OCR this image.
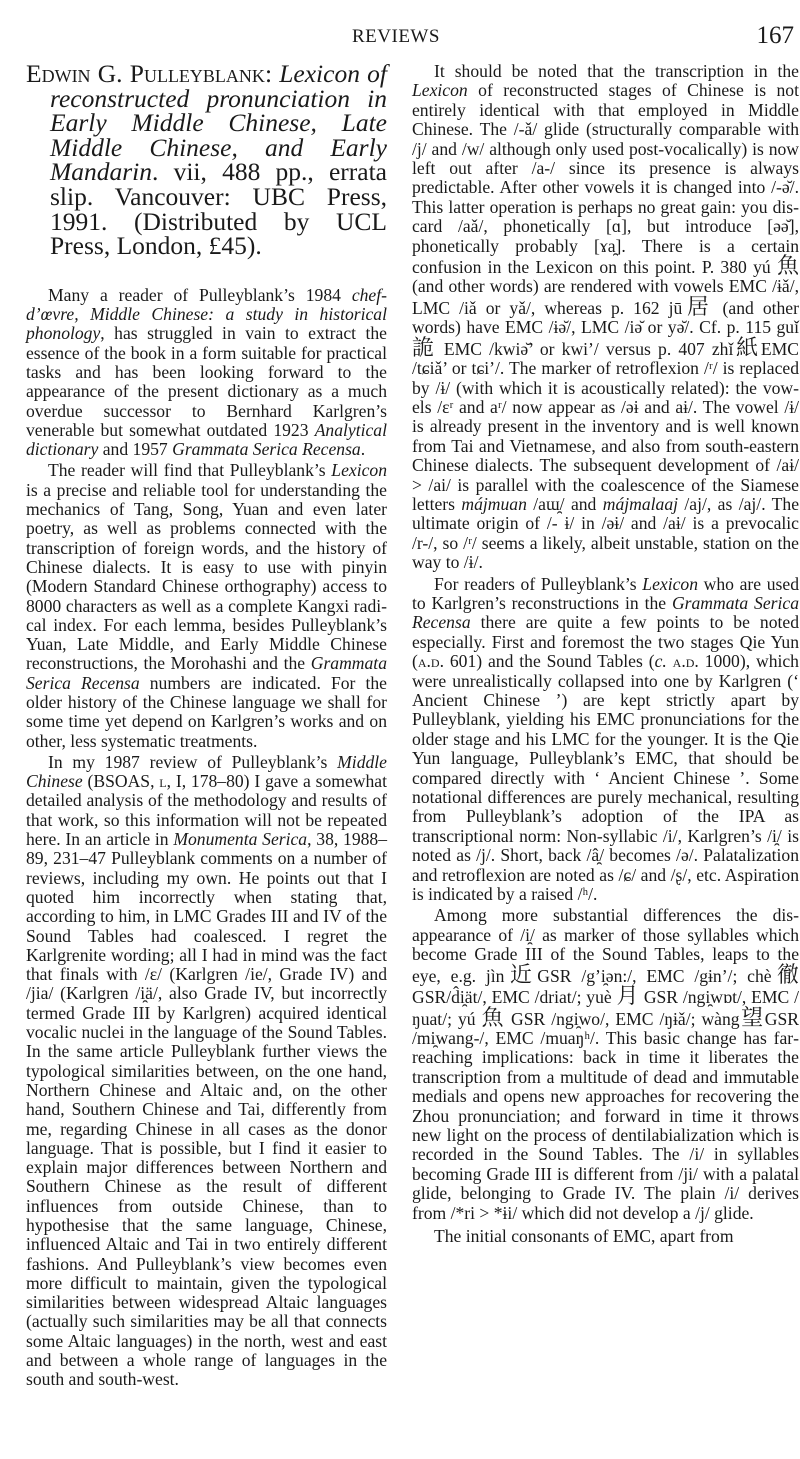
REVIEWS	167

Edwin G. Pulleyblank: Lexicon of reconstructed pronunciation in Early Middle Chinese, Late Middle Chinese, and Early Mandarin. vii, 488 pp., errata slip. Vancouver: UBC Press, 1991. (Distributed by UCL Press, London, £45).

Many a reader of Pulleyblank’s 1984 chef-d’œvre, Middle Chinese: a study in historical phonology, has struggled in vain to extract the essence of the book in a form suitable for practical tasks and has been looking forward to the appearance of the present dictionary as a much overdue successor to Bernhard Karlgren’s venerable but somewhat outdated 1923 Analytical dictionary and 1957 Grammata Serica Recensa.

The reader will find that Pulleyblank’s Lexicon is a precise and reliable tool for understanding the mechanics of Tang, Song, Yuan and even later poetry, as well as problems connected with the transcription of foreign words, and the history of Chinese dialects. It is easy to use with pinyin (Modern Standard Chinese orthography) access to 8000 characters as well as a complete Kangxi radical index. For each lemma, besides Pulleyblank’s Yuan, Late Middle, and Early Middle Chinese reconstructions, the Morohashi and the Grammata Serica Recensa numbers are indicated. For the older history of the Chinese language we shall for some time yet depend on Karlgren’s works and on other, less systematic treatments.

In my 1987 review of Pulleyblank’s Middle Chinese (BSOAS, l, I, 178–80) I gave a somewhat detailed analysis of the methodology and results of that work, so this information will not be repeated here. In an article in Monumenta Serica, 38, 1988–89, 231–47 Pulleyblank comments on a number of reviews, including my own. He points out that I quoted him incorrectly when stating that, according to him, in LMC Grades III and IV of the Sound Tables had coalesced. I regret the Karlgrenite wording; all I had in mind was the fact that finals with /ɛ/ (Karlgren /ie/, Grade IV) and /jia/ (Karlgren /i̯ä/, also Grade IV, but incorrectly termed Grade III by Karlgren) acquired identical vocalic nuclei in the language of the Sound Tables. In the same article Pulleyblank further views the typological similarities between, on the one hand, Northern Chinese and Altaic and, on the other hand, Southern Chinese and Tai, differently from me, regarding Chinese in all cases as the donor language. That is possible, but I find it easier to explain major differences between Northern and Southern Chinese as the result of different influences from outside Chinese, than to hypothesise that the same language, Chinese, influenced Altaic and Tai in two entirely different fashions. And Pulleyblank’s view becomes even more difficult to maintain, given the typological similarities between widespread Altaic languages (actually such similarities may be all that connects some Altaic languages) in the north, west and east and between a whole range of languages in the south and south-west.

It should be noted that the transcription in the Lexicon of reconstructed stages of Chinese is not entirely identical with that employed in Middle Chinese. The /-ǎ/ glide (structurally comparable with /j/ and /w/ although only used post-vocalically) is now left out after /a-/ since its presence is always predictable. After other vowels it is changed into /-ə̆/. This latter operation is perhaps no great gain: you discard /aǎ/, phonetically [ɑ], but introduce [əə̆], phonetically probably [ɤa̯]. There is a certain confusion in the Lexicon on this point. P. 380 yú 魚 (and other words) are rendered with vowels EMC /ɨǎ/, LMC /iǎ or yǎ/, whereas p. 162 jū居 (and other words) have EMC /ɨə̆/, LMC /iə̆ or yə̆/. Cf. p. 115 guǐ 詭 EMC /kwiə̆’ or kwi’/ versus p. 407 zhǐ紙EMC /tɕiǎ’ or tɕi’/. The marker of retroflexion /ʳ/ is replaced by /ɨ/ (with which it is acoustically related): the vowels /ɛʳ and aʳ/ now appear as /əɨ and aɨ/. The vowel /ɨ/ is already present in the inventory and is well known from Tai and Vietnamese, and also from south-eastern Chinese dialects. The subsequent development of /aɨ/ > /ai/ is parallel with the coalescence of the Siamese letters májmuan /aɯ̯/ and májmalaaj /aj/, as /aj/. The ultimate origin of /- ɨ/ in /əɨ/ and /aɨ/ is a prevocalic /r-/, so /ʳ/ seems a likely, albeit unstable, station on the way to /ɨ/.

For readers of Pulleyblank’s Lexicon who are used to Karlgren’s reconstructions in the Grammata Serica Recensa there are quite a few points to be noted especially. First and foremost the two stages Qie Yun (a.d. 601) and the Sound Tables (c. a.d. 1000), which were unrealistically collapsed into one by Karlgren (‘ Ancient Chinese ’) are kept strictly apart by Pulleyblank, yielding his EMC pronunciations for the older stage and his LMC for the younger. It is the Qie Yun language, Pulleyblank’s EMC, that should be compared directly with ‘ Ancient Chinese ’. Some notational differences are purely mechanical, resulting from Pulleyblank’s adoption of the IPA as transcriptional norm: Non-syllabic /i/, Karlgren’s /i̯/ is noted as /j/. Short, back /â̯/ becomes /ə/. Palatalization and retroflexion are noted as /ɕ/ and /ʂ/, etc. Aspiration is indicated by a raised /ʰ/.

Among more substantial differences the disappearance of /i̯/ as marker of those syllables which become Grade III of the Sound Tables, leaps to the eye, e.g. jìn近GSR /g’i̯ən:/, EMC /gɨn’/; chè徹 GSR/d̂i̯ät/, EMC /driat/; yuè 月 GSR /ngi̯wɒt/, EMC /ŋuat/; yú 魚 GSR /ngi̯wo/, EMC /ŋɨǎ/; wàng望GSR /mi̯wang-/, EMC /muaŋʰ/. This basic change has farreaching implications: back in time it liberates the transcription from a multitude of dead and immutable medials and opens new approaches for recovering the Zhou pronunciation; and forward in time it throws new light on the process of dentilabialization which is recorded in the Sound Tables. The /i/ in syllables becoming Grade III is different from /ji/ with a palatal glide, belonging to Grade IV. The plain /i/ derives from /*ri > *ɨi/ which did not develop a /j/ glide.

The initial consonants of EMC, apart from
